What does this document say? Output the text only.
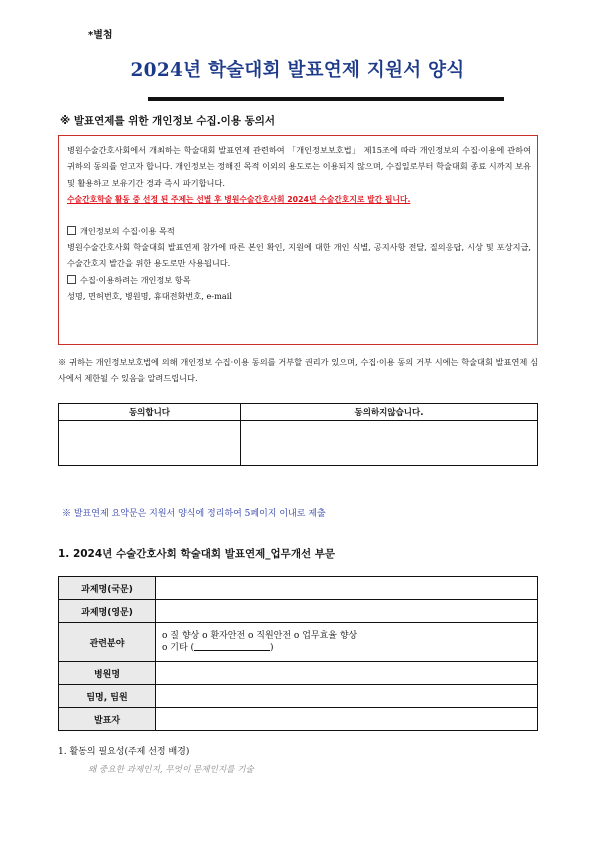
*별첨
2024년 학술대회 발표연제 지원서 양식
※ 발표연제를 위한 개인정보 수집.이용 동의서

병원수술간호사회에서 개최하는 학술대회 발표연제 관련하여 「개인정보보호법」 제15조에 따라 개인정보의 수집·이용에 관하여 귀하의 동의를 얻고자 합니다. 개인정보는 정해진 목적 이외의 용도로는 이용되지 않으며, 수집일로부터 학술대회 종료 시까지 보유 및 활용하고 보유기간 경과 즉시 파기합니다.

수술간호학술 활동 중 선정 된 주제는 선별 후 병원수술간호사회 2024년 수술간호지로 발간 됩니다.

개인정보의 수집·이용 목적

병원수술간호사회 학술대회 발표연제 참가에 따른 본인 확인, 지원에 대한 개인 식별, 공지사항 전달, 질의응답, 시상 및 포상지급, 수술간호지 발간을 위한 용도로만 사용됩니다.

수집·이용하려는 개인정보 항목

성명, 면허번호, 병원명, 휴대전화번호, e-mail

※ 귀하는 개인정보보호법에 의해 개인정보 수집·이용 동의를 거부할 권리가 있으며, 수집·이용 동의 거부 시에는 학술대회 발표연제 심사에서 제한될 수 있음을 알려드립니다.
동의합니다	동의하지않습니다.

※ 발표연제 요약문은 지원서 양식에 정리하여 5페이지 이내로 제출
1. 2024년 수술간호사회 학술대회 발표연제_업무개선 부문
과제명(국문)	
과제명(영문)	
관련분야	o 질 향상 o 환자안전 o 직원안전 o 업무효율 향상
o 기타 ( )

병원명	
팀명, 팀원	
발표자	
1. 활동의 필요성(주제 선정 배경)
왜 중요한 과제인지, 무엇이 문제인지를 기술
